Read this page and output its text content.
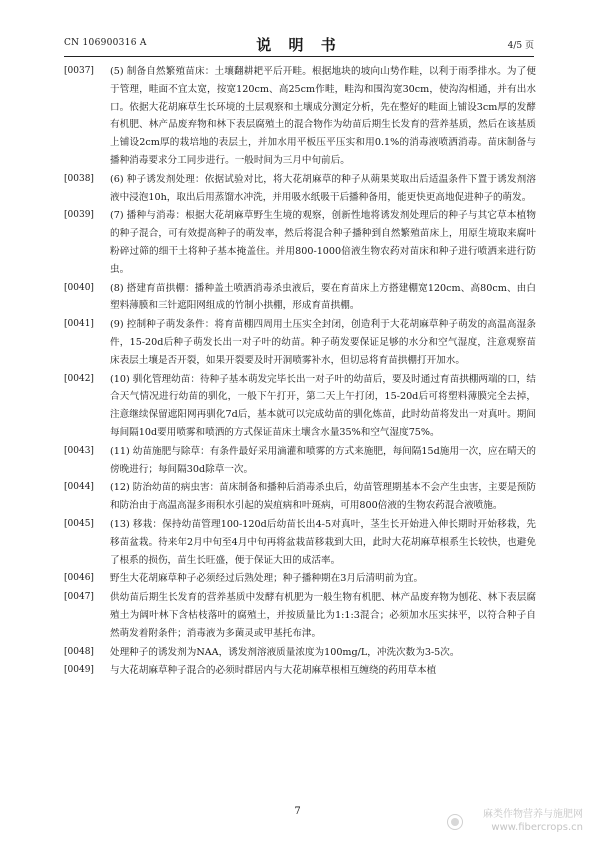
CN 106900316 A	说 明 书	4/5 页
[0037] (5) 制备自然繁殖苗床：土壤翻耕耙平后开畦。根据地块的坡向山势作畦，以利于雨季排水。为了便于管理，畦面不宜太宽，按宽120cm、高25cm作畦，畦沟和围沟宽30cm，使沟沟相通，并有出水口。依据大花胡麻草生长环境的土层观察和土壤成分测定分析，先在整好的畦面上铺设3cm厚的发酵有机肥、林产品废弃物和林下表层腐殖土的混合物作为幼苗后期生长发育的营养基质，然后在该基质上铺设2cm厚的栽培地的表层土，并加水用平板压平压实和用0.1%的消毒液喷洒消毒。苗床制备与播种消毒要求分工同步进行。一般时间为三月中旬前后。
[0038] (6) 种子诱发剂处理：依据试验对比，将大花胡麻草的种子从蒴果荚取出后适温条件下置于诱发剂溶液中浸泡10h，取出后用蒸馏水冲洗，并用吸水纸吸干后播种备用，能更快更高地促进种子的萌发。
[0039] (7) 播种与消毒：根据大花胡麻草野生生境的观察，创新性地将诱发剂处理后的种子与其它草本植物的种子混合，可有效提高种子的萌发率，然后将混合种子播种到自然繁殖苗床上，用原生境取来腐叶粉碎过筛的细干土将种子基本掩盖住。并用800-1000倍液生物农药对苗床和种子进行喷洒来进行防虫。
[0040] (8) 搭建育苗拱棚：播种盖土喷洒消毒杀虫液后，要在育苗床上方搭建棚宽120cm、高80cm、由白塑料薄膜和三针遮阳网组成的竹制小拱棚，形成育苗拱棚。
[0041] (9) 控制种子萌发条件：将育苗棚四周用土压实全封闭，创造利于大花胡麻草种子萌发的高温高湿条件，15-20d后种子萌发长出一对子叶的幼苗。种子萌发要保证足够的水分和空气湿度，注意观察苗床表层土壤是否开裂，如果开裂要及时开洞喷雾补水，但切忌将育苗拱棚打开加水。
[0042] (10) 驯化管理幼苗：待种子基本萌发完毕长出一对子叶的幼苗后，要及时通过育苗拱棚两端的口，结合天气情况进行幼苗的驯化，一般下午打开，第二天上午打闭，15-20d后可将塑料薄膜完全去掉，注意继续保留遮阳网再驯化7d后，基本就可以完成幼苗的驯化炼苗，此时幼苗将发出一对真叶。期间每间隔10d要用喷雾和喷洒的方式保证苗床土壤含水量35%和空气湿度75%。
[0043] (11) 幼苗施肥与除草：有条件最好采用滴灌和喷雾的方式来施肥，每间隔15d施用一次，应在晴天的傍晚进行；每间隔30d除草一次。
[0044] (12) 防治幼苗的病虫害：苗床制备和播种后消毒杀虫后，幼苗管理期基本不会产生虫害，主要是预防和防治由于高温高湿多雨积水引起的炭疽病和叶斑病，可用800倍液的生物农药混合液喷施。
[0045] (13) 移栽：保持幼苗管理100-120d后幼苗长出4-5对真叶，茎生长开始进入伸长期时开始移栽，先移苗盆栽。待来年2月中旬至4月中旬再将盆栽苗移栽到大田，此时大花胡麻草根系生长较快，也避免了根系的损伤，苗生长旺盛，便于保证大田的成活率。
[0046] 野生大花胡麻草种子必须经过后熟处理；种子播种期在3月后清明前为宜。
[0047] 供幼苗后期生长发育的营养基质中发酵有机肥为一般生物有机肥、林产品废弃物为刨花、林下表层腐殖土为阔叶林下含枯枝落叶的腐殖土，并按质量比为1:1:3混合；必须加水压实抹平，以符合种子自然萌发着附条件；消毒液为多菌灵或甲基托布津。
[0048] 处理种子的诱发剂为NAA，诱发剂溶液质量浓度为100mg/L，冲洗次数为3-5次。
[0049] 与大花胡麻草种子混合的必须时群居内与大花胡麻草根相互缠绕的药用草本植
7	麻类作物营养与施肥网
www.fibercrops.cn
